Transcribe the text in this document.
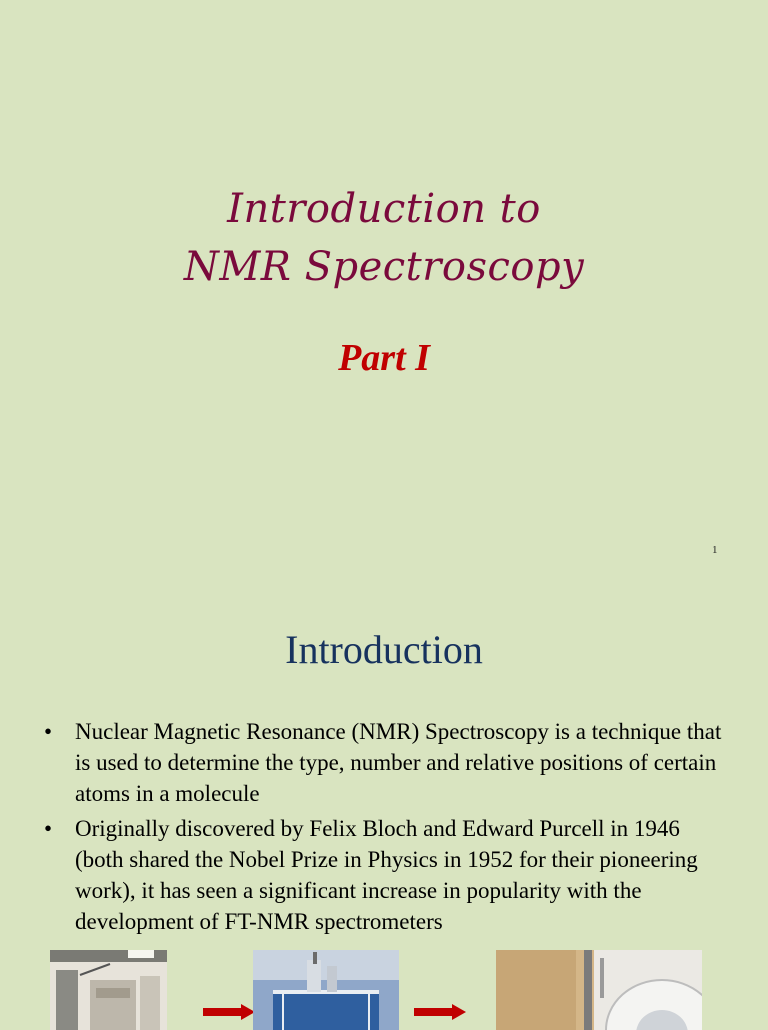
Introduction to
NMR Spectroscopy
Part I
1
Introduction
• Nuclear Magnetic Resonance (NMR) Spectroscopy is a technique that is used to determine the type, number and relative positions of certain atoms in a molecule
• Originally discovered by Felix Bloch and Edward Purcell in 1946 (both shared the Nobel Prize in Physics in 1952 for their pioneering work), it has seen a significant increase in popularity with the development of FT-NMR spectrometers
